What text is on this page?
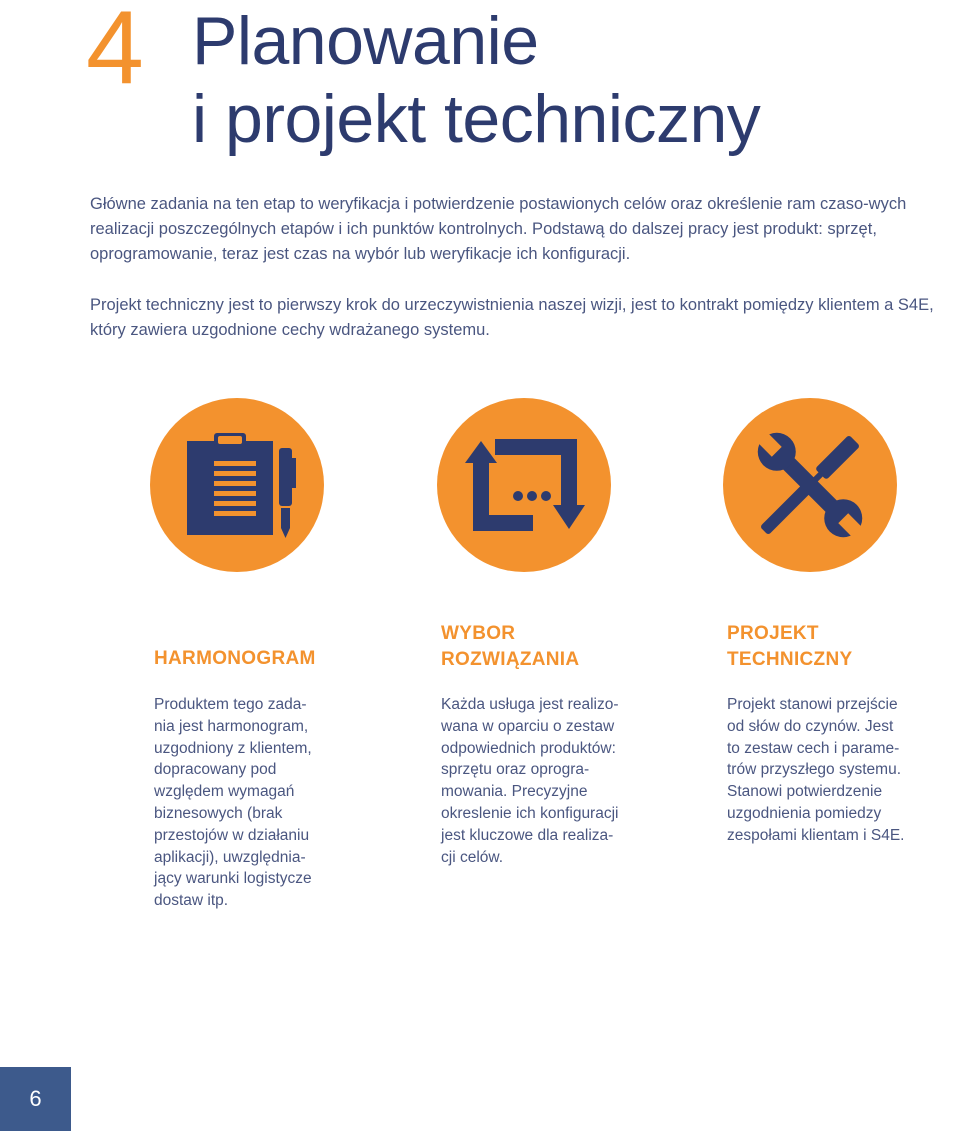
4 Planowanie
i projekt techniczny

Główne zadania na ten etap to weryfikacja i potwierdzenie postawionych celów oraz określenie ram czaso-wych realizacji poszczególnych etapów i ich punktów kontrolnych. Podstawą do dalszej pracy jest produkt: sprzęt, oprogramowanie, teraz jest czas na wybór lub weryfikacje ich konfiguracji.

Projekt techniczny jest to pierwszy krok do urzeczywistnienia naszej wizji, jest to kontrakt pomiędzy klientem a S4E, który zawiera uzgodnione cechy wdrażanego systemu.

HARMONOGRAM
Produktem tego zada-
nia jest harmonogram,
uzgodniony z klientem,
dopracowany pod
względem wymagań
biznesowych (brak
przestojów w działaniu
aplikacji), uwzględnia-
jący warunki logistycze
dostaw itp.
WYBOR
ROZWIĄZANIA
Każda usługa jest realizo-
wana w oparciu o zestaw
odpowiednich produktów:
sprzętu oraz oprogra-
mowania. Precyzyjne
okreslenie ich konfiguracji
jest kluczowe dla realiza-
cji celów.
PROJEKT
TECHNICZNY
Projekt stanowi przejście
od słów do czynów. Jest
to zestaw cech i parame-
trów przyszłego systemu.
Stanowi potwierdzenie
uzgodnienia pomiedzy
zespołami klientam i S4E.
6
